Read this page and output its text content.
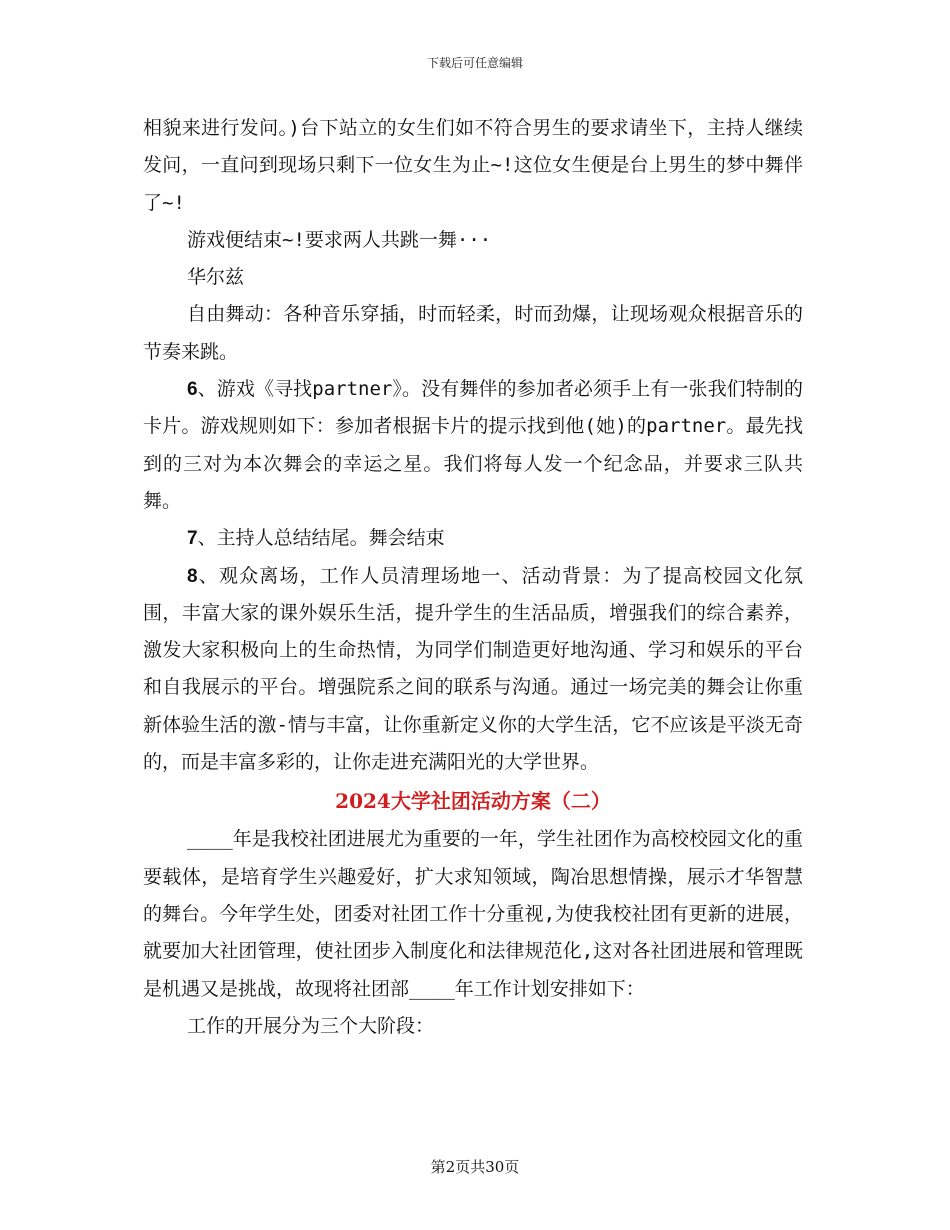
下载后可任意编辑

相貌来进行发问。)台下站立的女生们如不符合男生的要求请坐下，主持人继续发问，一直问到现场只剩下一位女生为止~!这位女生便是台上男生的梦中舞伴了~!

游戏便结束~!要求两人共跳一舞···

华尔兹

自由舞动：各种音乐穿插，时而轻柔，时而劲爆，让现场观众根据音乐的节奏来跳。

6、游戏《寻找partner》。没有舞伴的参加者必须手上有一张我们特制的卡片。游戏规则如下：参加者根据卡片的提示找到他(她)的partner。最先找到的三对为本次舞会的幸运之星。我们将每人发一个纪念品，并要求三队共舞。

7、主持人总结结尾。舞会结束

8、观众离场，工作人员清理场地一、活动背景：为了提高校园文化氛围，丰富大家的课外娱乐生活，提升学生的生活品质，增强我们的综合素养，激发大家积极向上的生命热情，为同学们制造更好地沟通、学习和娱乐的平台和自我展示的平台。增强院系之间的联系与沟通。通过一场完美的舞会让你重新体验生活的激-情与丰富，让你重新定义你的大学生活，它不应该是平淡无奇的，而是丰富多彩的，让你走进充满阳光的大学世界。

2024大学社团活动方案（二）

____年是我校社团进展尤为重要的一年，学生社团作为高校校园文化的重要载体，是培育学生兴趣爱好，扩大求知领域，陶冶思想情操，展示才华智慧的舞台。今年学生处，团委对社团工作十分重视,为使我校社团有更新的进展，就要加大社团管理，使社团步入制度化和法律规范化,这对各社团进展和管理既是机遇又是挑战，故现将社团部____年工作计划安排如下：

工作的开展分为三个大阶段：

第2页共30页
